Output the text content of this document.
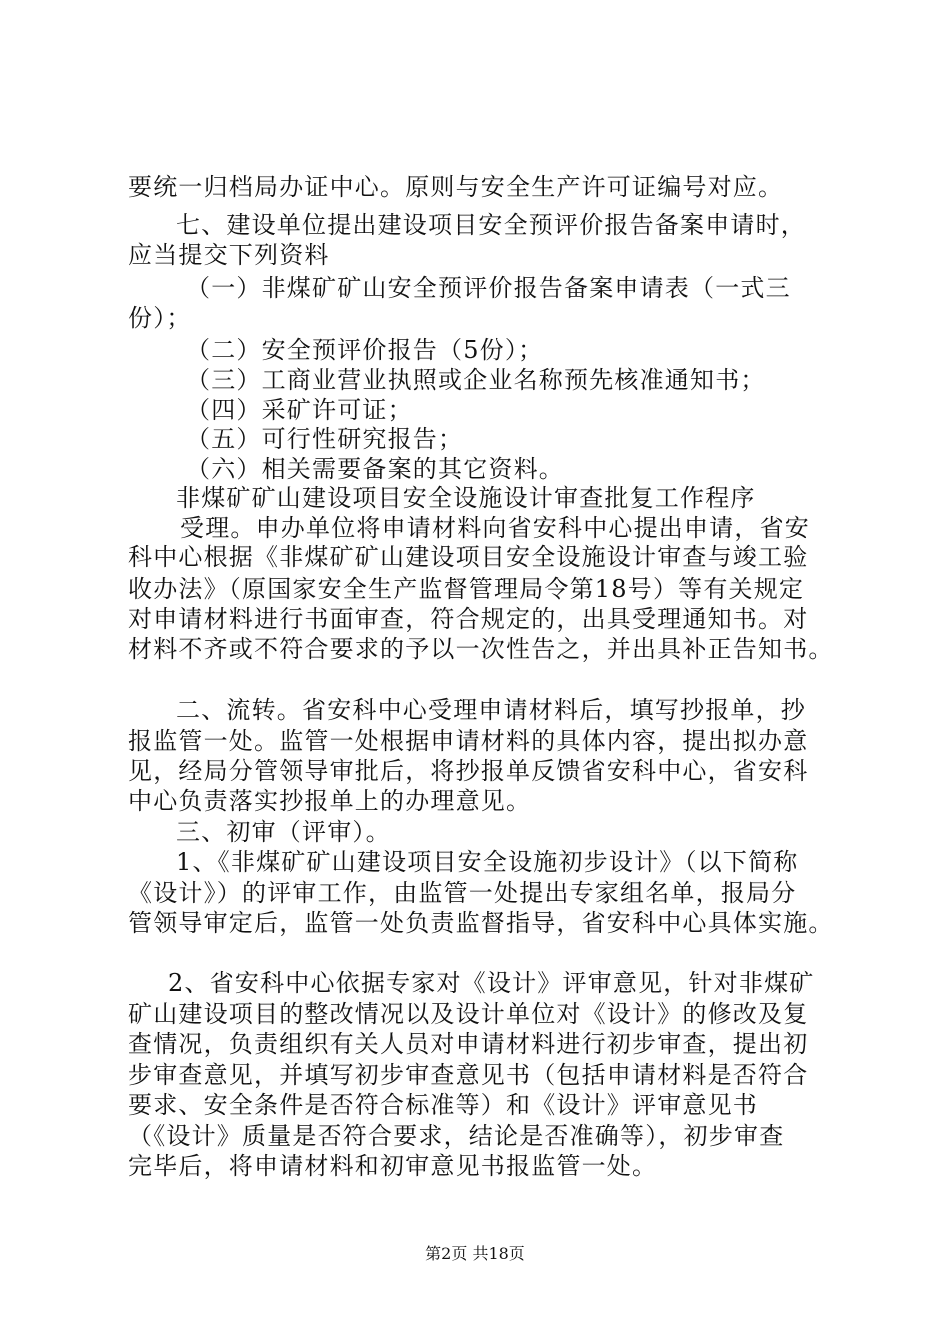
要统一归档局办证中心。原则与安全生产许可证编号对应。
七、建设单位提出建设项目安全预评价报告备案申请时，
应当提交下列资料
（一）非煤矿矿山安全预评价报告备案申请表（一式三
份）；
（二）安全预评价报告（5份）；
（三）工商业营业执照或企业名称预先核准通知书；
（四）采矿许可证；
（五）可行性研究报告；
（六）相关需要备案的其它资料。
非煤矿矿山建设项目安全设施设计审查批复工作程序
受理。申办单位将申请材料向省安科中心提出申请，省安
科中心根据《非煤矿矿山建设项目安全设施设计审查与竣工验
收办法》（原国家安全生产监督管理局令第18号）等有关规定
对申请材料进行书面审查，符合规定的，出具受理通知书。对
材料不齐或不符合要求的予以一次性告之，并出具补正告知书。
二、流转。省安科中心受理申请材料后，填写抄报单，抄
报监管一处。监管一处根据申请材料的具体内容，提出拟办意
见，经局分管领导审批后，将抄报单反馈省安科中心，省安科
中心负责落实抄报单上的办理意见。
三、初审（评审）。
1、《非煤矿矿山建设项目安全设施初步设计》（以下简称
《设计》）的评审工作，由监管一处提出专家组名单，报局分
管领导审定后，监管一处负责监督指导，省安科中心具体实施。
2、省安科中心依据专家对《设计》评审意见，针对非煤矿
矿山建设项目的整改情况以及设计单位对《设计》的修改及复
查情况，负责组织有关人员对申请材料进行初步审查，提出初
步审查意见，并填写初步审查意见书（包括申请材料是否符合
要求、安全条件是否符合标准等）和《设计》评审意见书
（《设计》质量是否符合要求，结论是否准确等），初步审查
完毕后，将申请材料和初审意见书报监管一处。
第2页 共18页
